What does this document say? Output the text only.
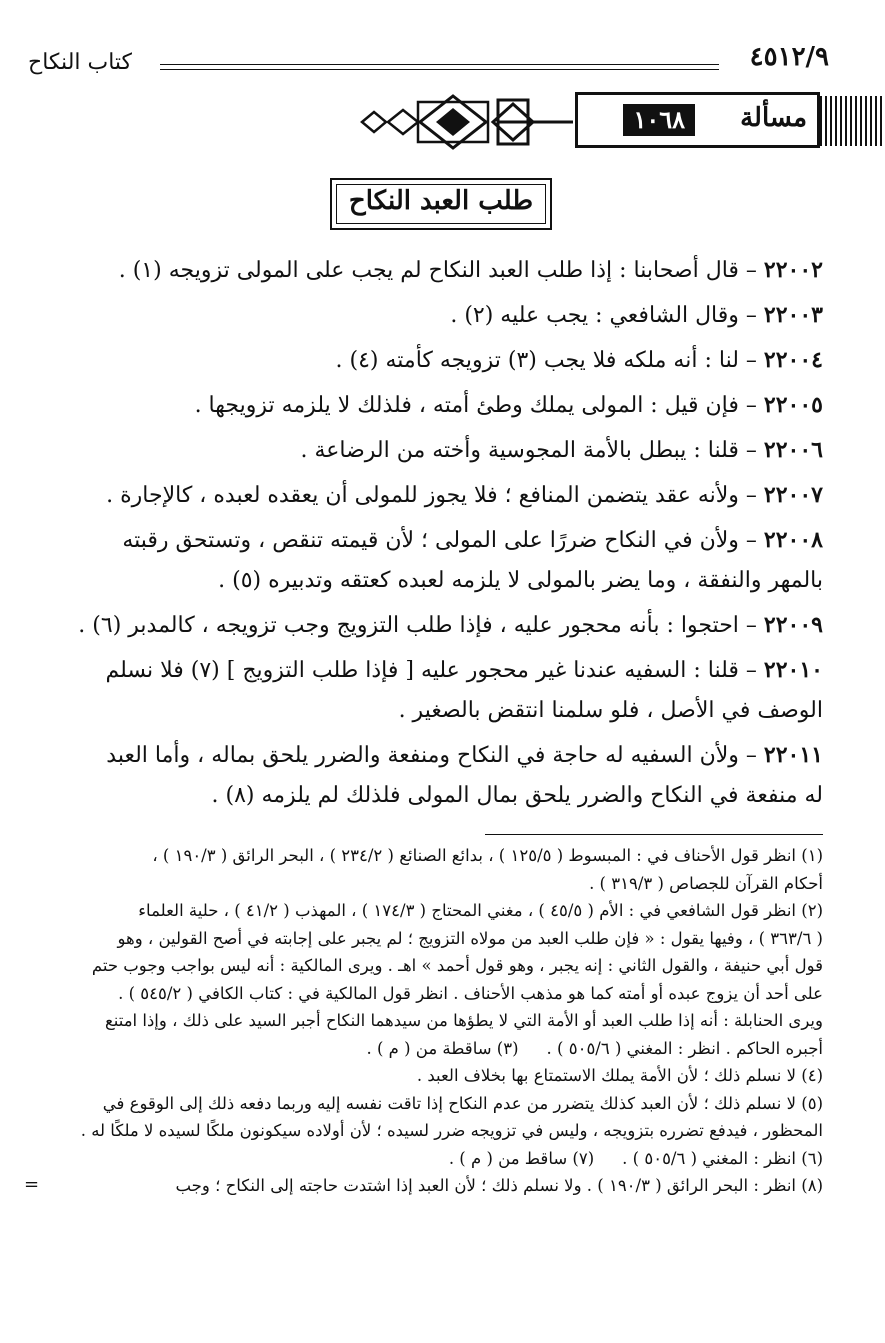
٤٥١٢/٩
كتاب النكاح
مسألة
١٠٦٨
طلب العبد النكاح

٢٢٠٠٢ – قال أصحابنا : إذا طلب العبد النكاح لم يجب على المولى تزويجه (١) .

٢٢٠٠٣ – وقال الشافعي : يجب عليه (٢) .

٢٢٠٠٤ – لنا : أنه ملكه فلا يجب (٣) تزويجه كأمته (٤) .

٢٢٠٠٥ – فإن قيل : المولى يملك وطئ أمته ، فلذلك لا يلزمه تزويجها .

٢٢٠٠٦ – قلنا : يبطل بالأمة المجوسية وأخته من الرضاعة .

٢٢٠٠٧ – ولأنه عقد يتضمن المنافع ؛ فلا يجوز للمولى أن يعقده لعبده ، كالإجارة .

٢٢٠٠٨ – ولأن في النكاح ضررًا على المولى ؛ لأن قيمته تنقص ، وتستحق رقبته
بالمهر والنفقة ، وما يضر بالمولى لا يلزمه لعبده كعتقه وتدبيره (٥) .

٢٢٠٠٩ – احتجوا : بأنه محجور عليه ، فإذا طلب التزويج وجب تزويجه ، كالمدبر (٦) .

٢٢٠١٠ – قلنا : السفيه عندنا غير محجور عليه [ فإذا طلب التزويج ] (٧) فلا نسلم
الوصف في الأصل ، فلو سلمنا انتقض بالصغير .

٢٢٠١١ – ولأن السفيه له حاجة في النكاح ومنفعة والضرر يلحق بماله ، وأما العبد
له منفعة في النكاح والضرر يلحق بمال المولى فلذلك لم يلزمه (٨) .

(١) انظر قول الأحناف في : المبسوط ( ١٢٥/٥ ) ، بدائع الصنائع ( ٢٣٤/٢ ) ، البحر الرائق ( ١٩٠/٣ ) ،
أحكام القرآن للجصاص ( ٣١٩/٣ ) .

(٢) انظر قول الشافعي في : الأم ( ٤٥/٥ ) ، مغني المحتاج ( ١٧٤/٣ ) ، المهذب ( ٤١/٢ ) ، حلية العلماء
( ٣٦٣/٦ ) ، وفيها يقول : « فإن طلب العبد من مولاه التزويج ؛ لم يجبر على إجابته في أصح القولين ، وهو
قول أبي حنيفة ، والقول الثاني : إنه يجبر ، وهو قول أحمد » اهـ . ويرى المالكية : أنه ليس بواجب وجوب حتم
على أحد أن يزوج عبده أو أمته كما هو مذهب الأحناف . انظر قول المالكية في : كتاب الكافي ( ٥٤٥/٢ ) .
ويرى الحنابلة : أنه إذا طلب العبد أو الأمة التي لا يطؤها من سيدهما النكاح أجبر السيد على ذلك ، وإذا امتنع

أجبره الحاكم . انظر : المغني ( ٥٠٥/٦ ) .
(٣) ساقطة من ( م ) .

(٤) لا نسلم ذلك ؛ لأن الأمة يملك الاستمتاع بها بخلاف العبد .

(٥) لا نسلم ذلك ؛ لأن العبد كذلك يتضرر من عدم النكاح إذا تاقت نفسه إليه وربما دفعه ذلك إلى الوقوع في
المحظور ، فيدفع تضرره بتزويجه ، وليس في تزويجه ضرر لسيده ؛ لأن أولاده سيكونون ملكًا لسيده لا ملكًا له .

(٦) انظر : المغني ( ٥٠٥/٦ ) .
(٧) ساقط من ( م ) .

(٨) انظر : البحر الرائق ( ١٩٠/٣ ) . ولا نسلم ذلك ؛ لأن العبد إذا اشتدت حاجته إلى النكاح ؛ وجب

=
